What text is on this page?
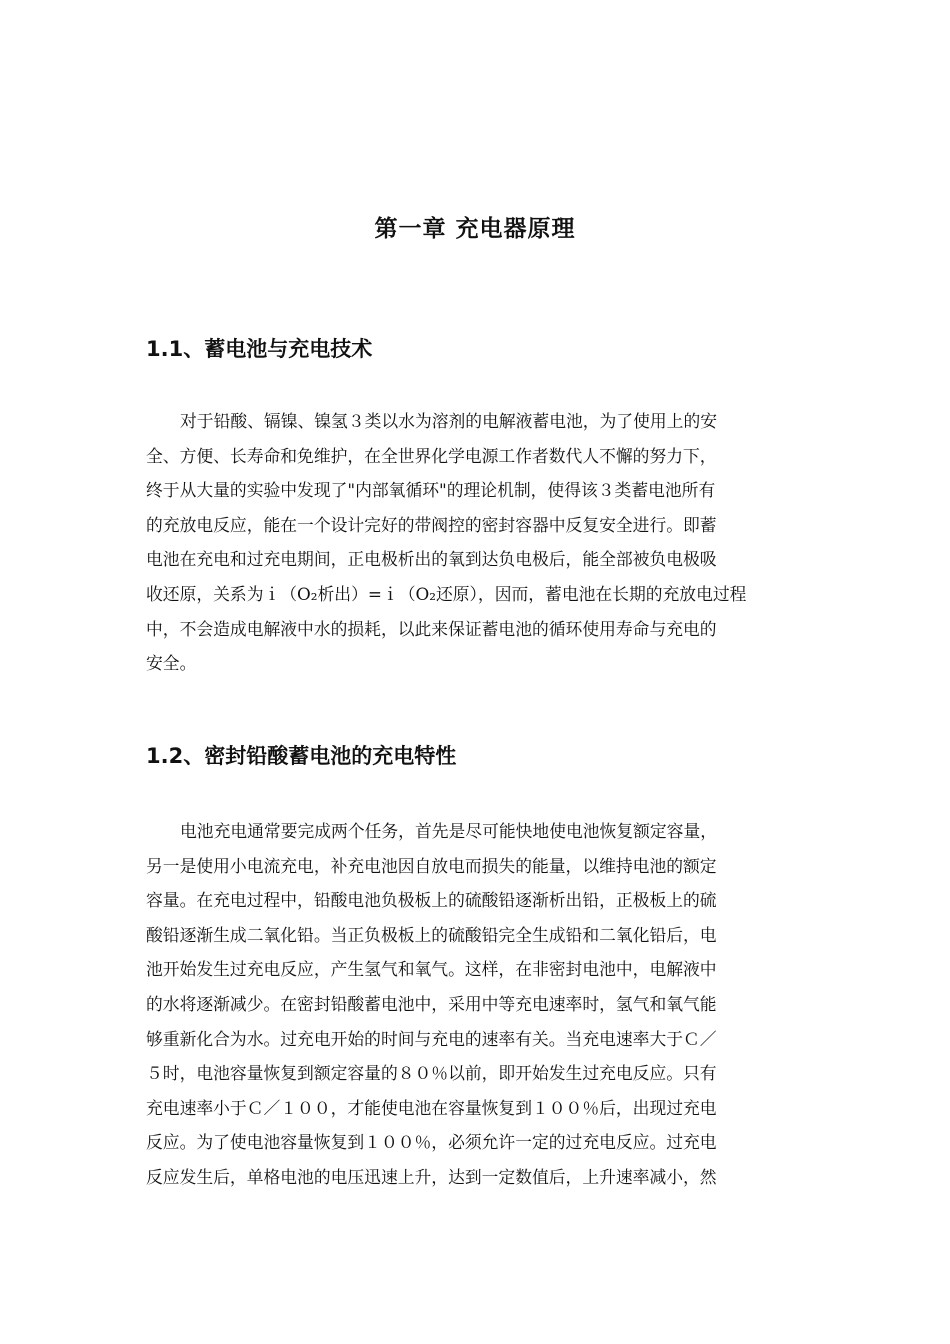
第一章 充电器原理
1.1、蓄电池与充电技术
对于铅酸、镉镍、镍氢３类以水为溶剂的电解液蓄电池，为了使用上的安
全、方便、长寿命和免维护，在全世界化学电源工作者数代人不懈的努力下，
终于从大量的实验中发现了"内部氧循环"的理论机制，使得该３类蓄电池所有
的充放电反应，能在一个设计完好的带阀控的密封容器中反复安全进行。即蓄
电池在充电和过充电期间，正电极析出的氧到达负电极后，能全部被负电极吸
收还原，关系为ｉ（O₂析出）=ｉ（O₂还原），因而，蓄电池在长期的充放电过程
中，不会造成电解液中水的损耗，以此来保证蓄电池的循环使用寿命与充电的
安全。
1.2、密封铅酸蓄电池的充电特性
电池充电通常要完成两个任务，首先是尽可能快地使电池恢复额定容量，
另一是使用小电流充电，补充电池因自放电而损失的能量，以维持电池的额定
容量。在充电过程中，铅酸电池负极板上的硫酸铅逐渐析出铅，正极板上的硫
酸铅逐渐生成二氧化铅。当正负极板上的硫酸铅完全生成铅和二氧化铅后，电
池开始发生过充电反应，产生氢气和氧气。这样，在非密封电池中，电解液中
的水将逐渐减少。在密封铅酸蓄电池中，采用中等充电速率时，氢气和氧气能
够重新化合为水。过充电开始的时间与充电的速率有关。当充电速率大于Ｃ／
５时，电池容量恢复到额定容量的８０％以前，即开始发生过充电反应。只有
充电速率小于Ｃ／１００，才能使电池在容量恢复到１００％后，出现过充电
反应。为了使电池容量恢复到１００％，必须允许一定的过充电反应。过充电
反应发生后，单格电池的电压迅速上升，达到一定数值后，上升速率减小，然
